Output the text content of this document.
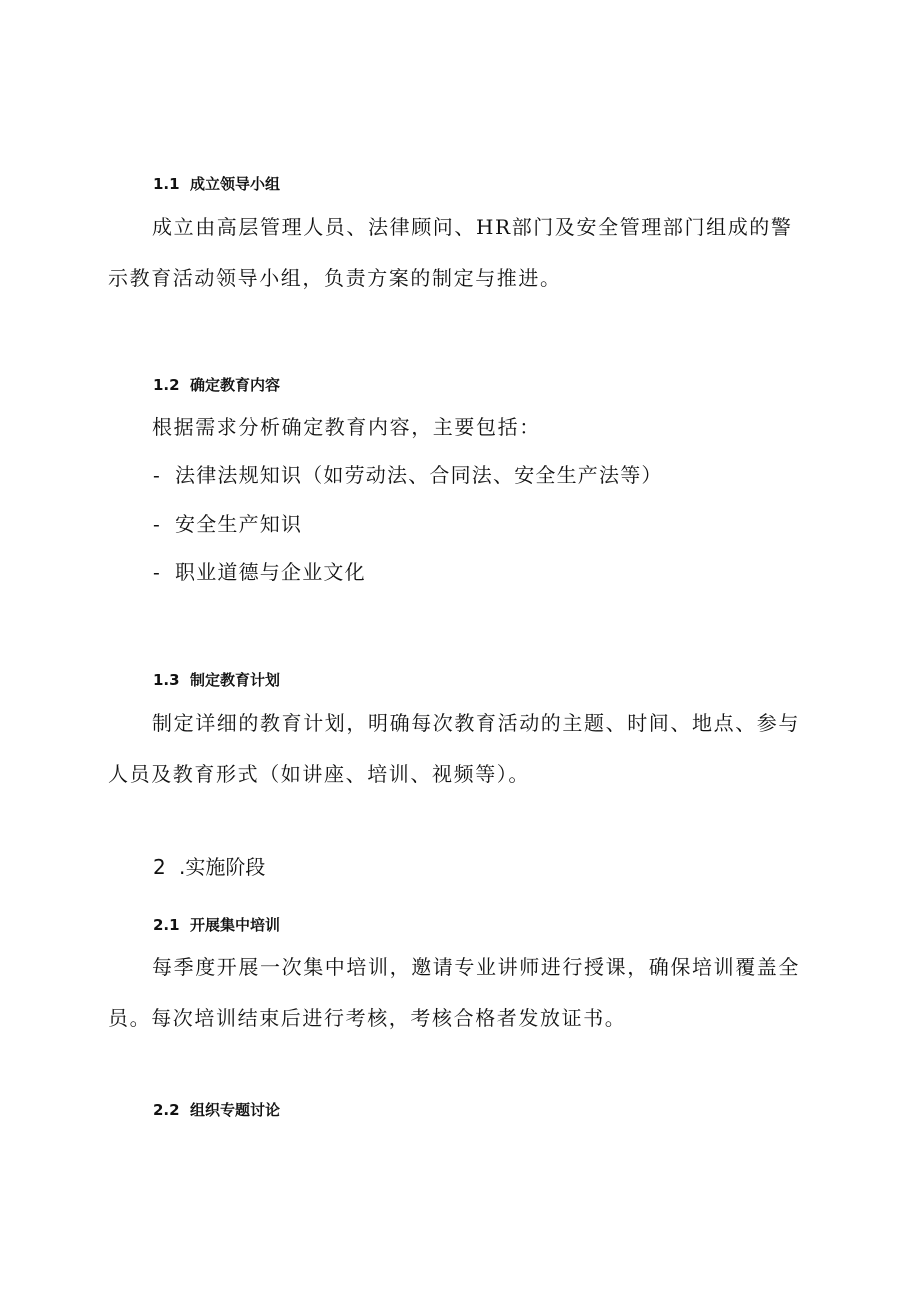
1.1 成立领导小组
成立由高层管理人员、法律顾问、HR部门及安全管理部门组成的警示教育活动领导小组，负责方案的制定与推进。
1.2 确定教育内容
根据需求分析确定教育内容，主要包括：
- 法律法规知识（如劳动法、合同法、安全生产法等）
- 安全生产知识
- 职业道德与企业文化
1.3 制定教育计划
制定详细的教育计划，明确每次教育活动的主题、时间、地点、参与人员及教育形式（如讲座、培训、视频等）。
2 .实施阶段
2.1 开展集中培训
每季度开展一次集中培训，邀请专业讲师进行授课，确保培训覆盖全员。每次培训结束后进行考核，考核合格者发放证书。
2.2 组织专题讨论
